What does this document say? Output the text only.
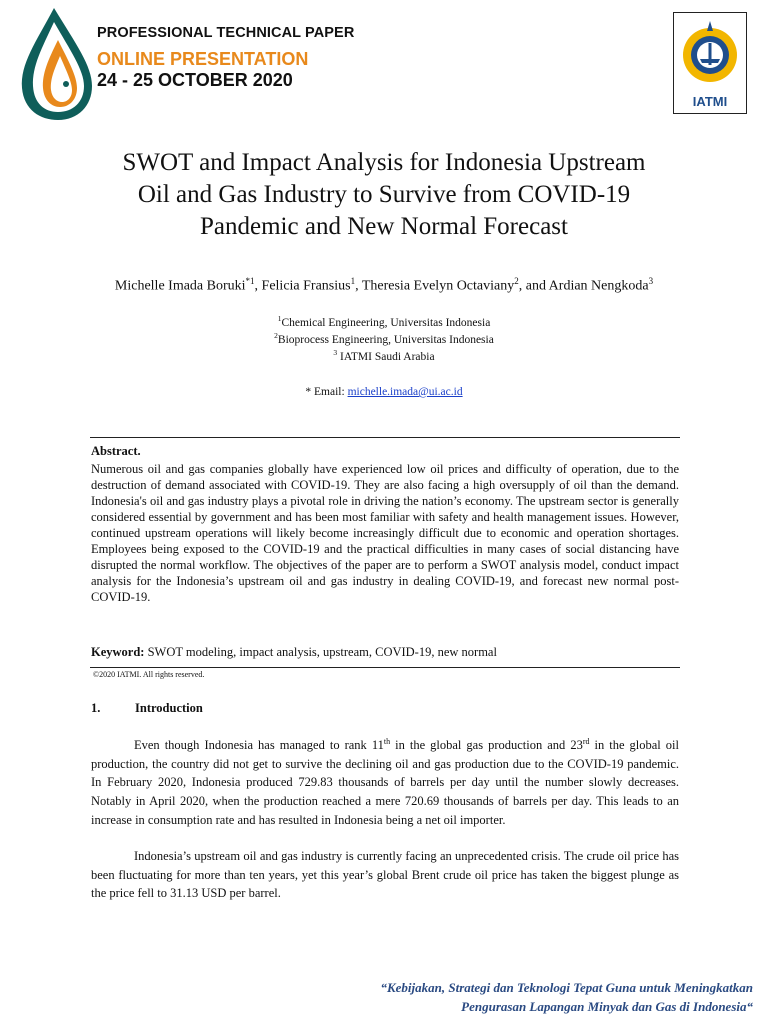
PROFESSIONAL TECHNICAL PAPER
ONLINE PRESENTATION
24 - 25 OCTOBER 2020
IATMI
SWOT and Impact Analysis for Indonesia Upstream
Oil and Gas Industry to Survive from COVID-19
Pandemic and New Normal Forecast
Michelle Imada Boruki$^{*1}$, Felicia Fransius$^1$, Theresia Evelyn Octaviany$^2$, and Ardian Nengkoda$^3$
$^1$Chemical Engineering, Universitas Indonesia
$^2$Bioprocess Engineering, Universitas Indonesia
$^3$ IATMI Saudi Arabia
* Email: michelle.imada@ui.ac.id
Abstract.
Numerous oil and gas companies globally have experienced low oil prices and difficulty of operation, due to the destruction of demand associated with COVID-19. They are also facing a high oversupply of oil than the demand. Indonesia's oil and gas industry plays a pivotal role in driving the nation’s economy. The upstream sector is generally considered essential by government and has been most familiar with safety and health management issues. However, continued upstream operations will likely become increasingly difficult due to economic and operation shortages. Employees being exposed to the COVID-19 and the practical difficulties in many cases of social distancing have disrupted the normal workflow. The objectives of the paper are to perform a SWOT analysis model, conduct impact analysis for the Indonesia’s upstream oil and gas industry in dealing COVID-19, and forecast new normal post-COVID-19.
Keyword: SWOT modeling, impact analysis, upstream, COVID-19, new normal
©2020 IATMI. All rights reserved.
1.	Introduction
Even though Indonesia has managed to rank 11th in the global gas production and 23rd in the global oil production, the country did not get to survive the declining oil and gas production due to the COVID-19 pandemic. In February 2020, Indonesia produced 729.83 thousands of barrels per day until the number slowly decreases. Notably in April 2020, when the production reached a mere 720.69 thousands of barrels per day. This leads to an increase in consumption rate and has resulted in Indonesia being a net oil importer.
Indonesia’s upstream oil and gas industry is currently facing an unprecedented crisis. The crude oil price has been fluctuating for more than ten years, yet this year’s global Brent crude oil price has taken the biggest plunge as the price fell to 31.13 USD per barrel.
“Kebijakan, Strategi dan Teknologi Tepat Guna untuk Meningkatkan
Pengurasan Lapangan Minyak dan Gas di Indonesia“
